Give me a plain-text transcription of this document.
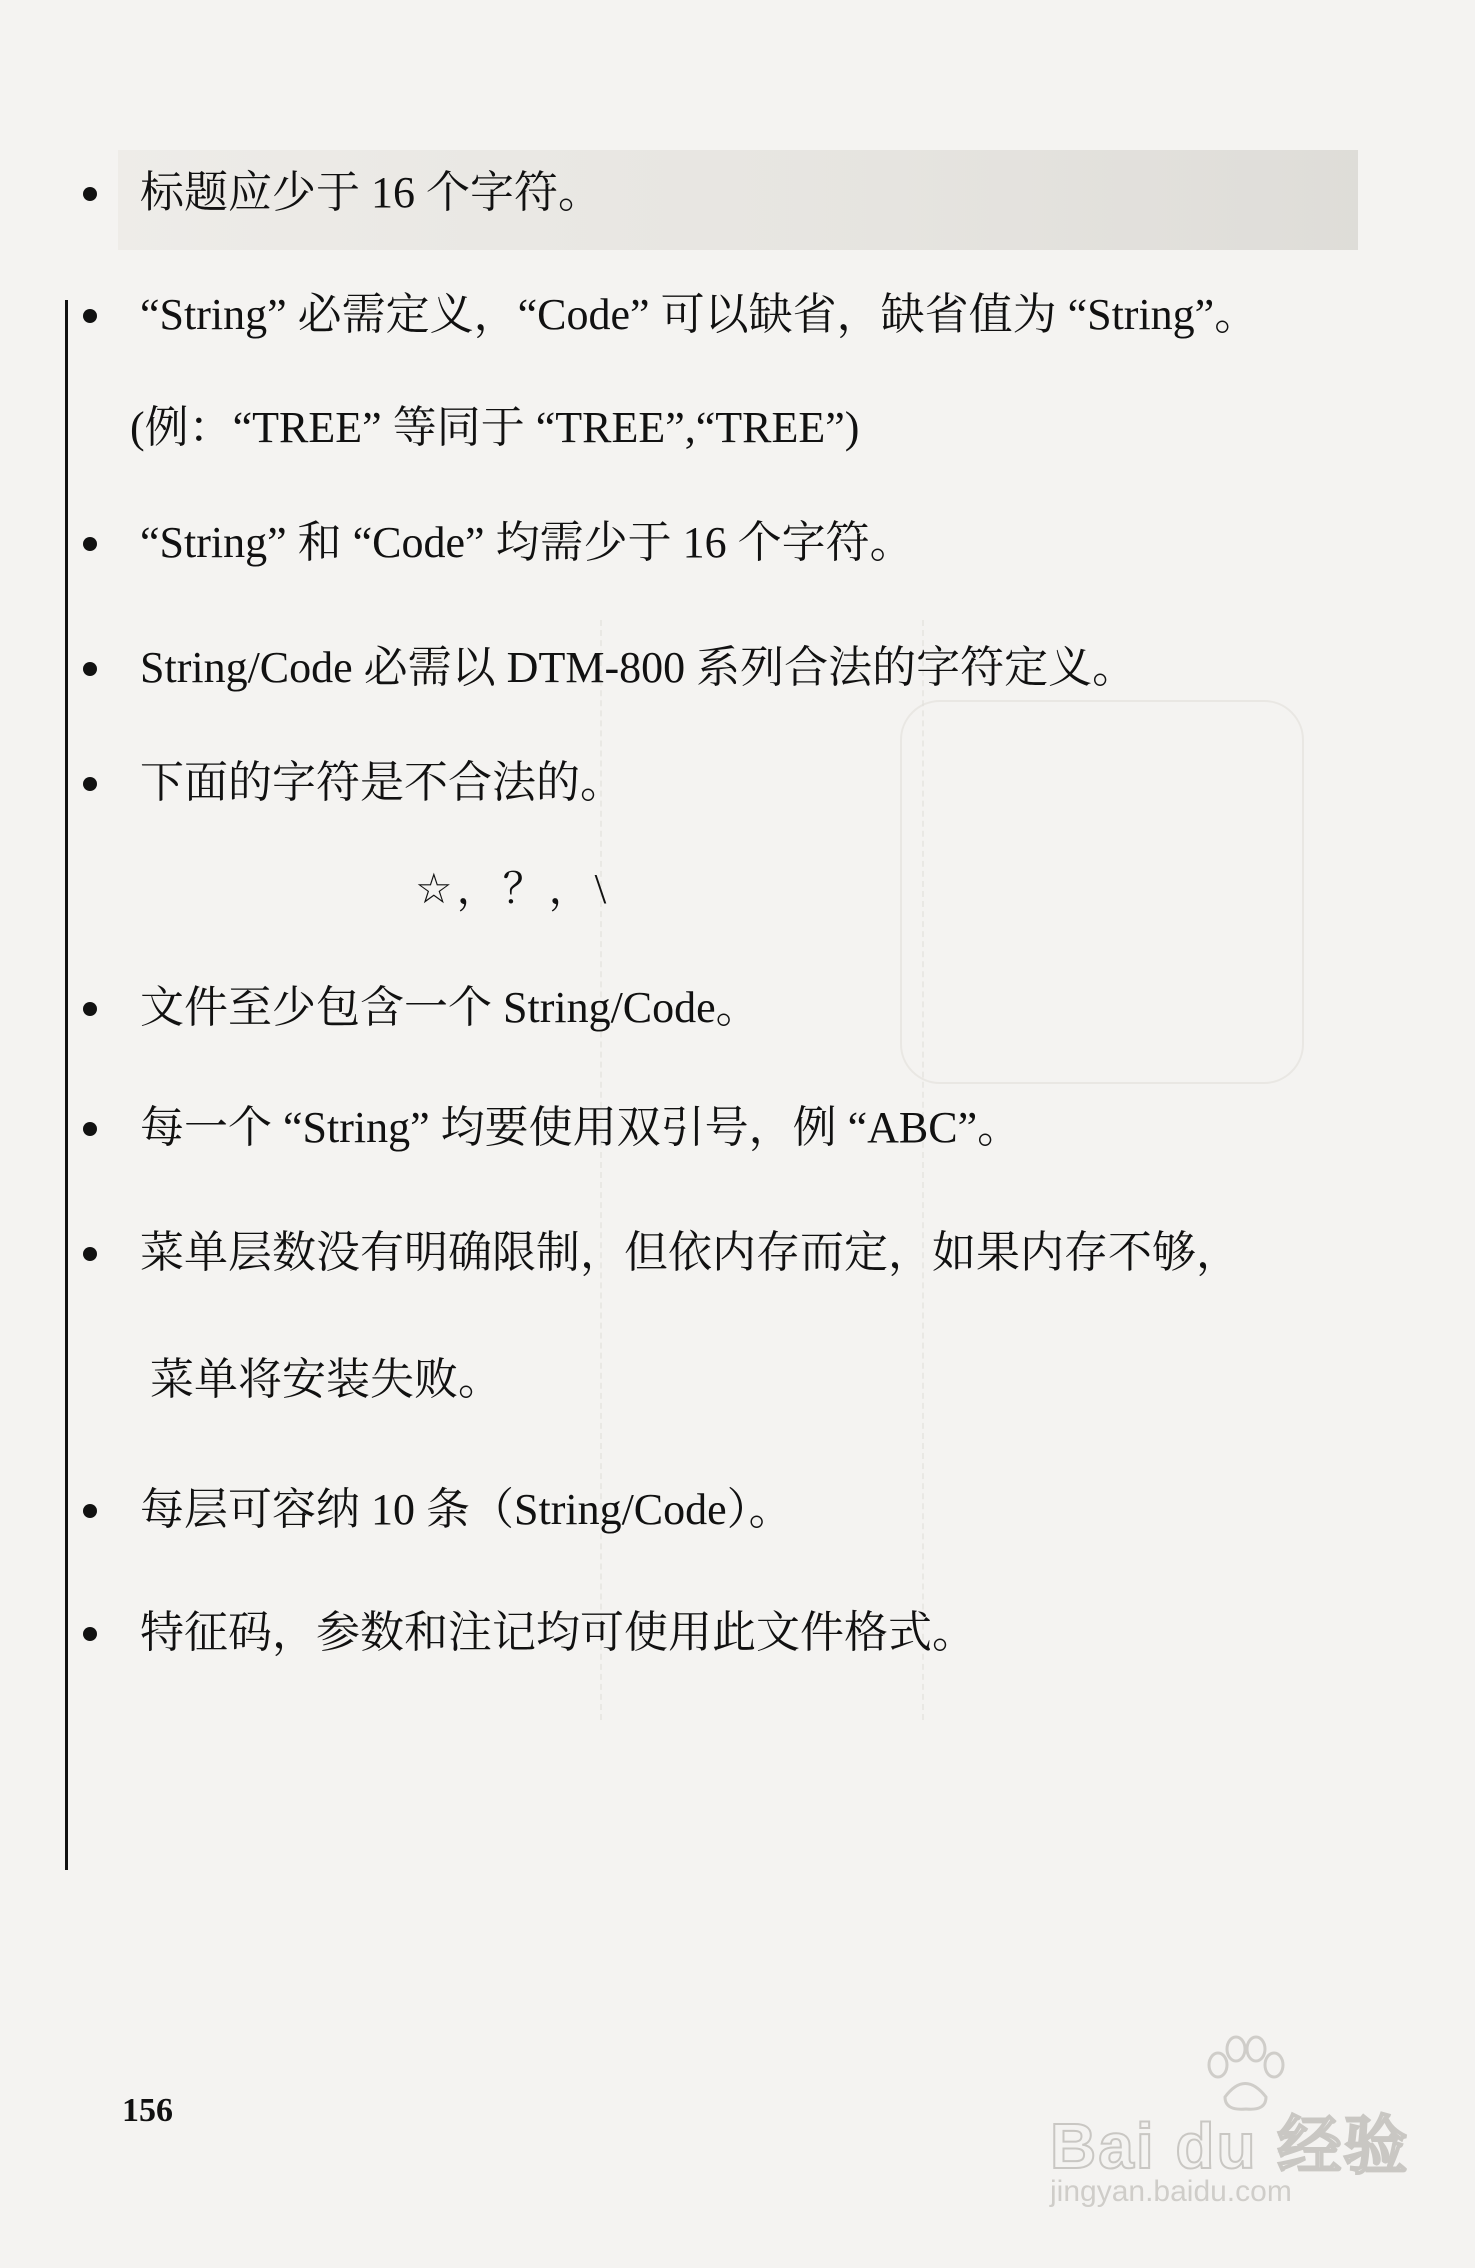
标题应少于 16 个字符。
“String” 必需定义，“Code” 可以缺省，缺省值为 “String”。
(例：“TREE” 等同于 “TREE”,“TREE”)
“String” 和 “Code” 均需少于 16 个字符。
String/Code 必需以 DTM-800 系列合法的字符定义。
下面的字符是不合法的。
☆，？，\
文件至少包含一个 String/Code。
每一个 “String” 均要使用双引号，例 “ABC”。
菜单层数没有明确限制，但依内存而定，如果内存不够，
菜单将安装失败。
每层可容纳 10 条（String/Code）。
特征码，参数和注记均可使用此文件格式。
156	Bai du 经验
jingyan.baidu.com
